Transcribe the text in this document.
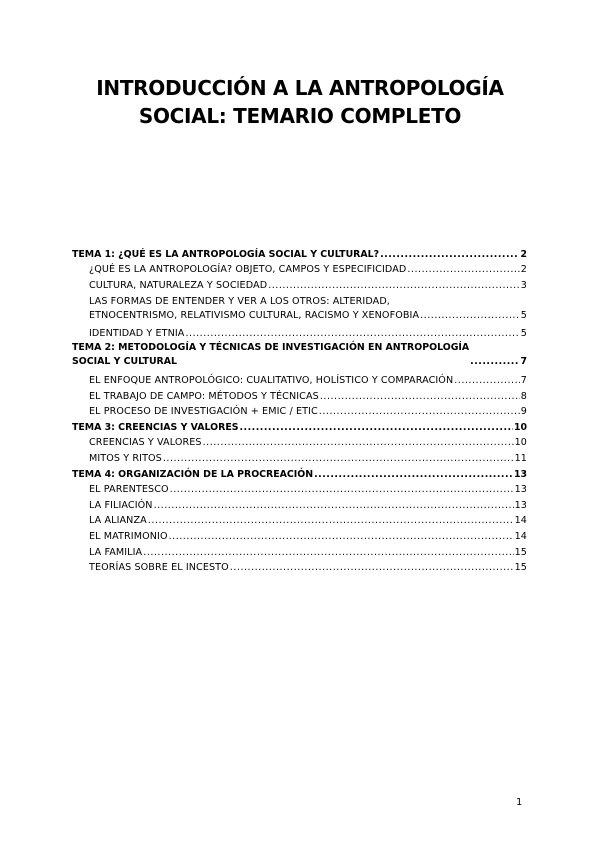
INTRODUCCIÓN A LA ANTROPOLOGÍA
SOCIAL: TEMARIO COMPLETO
TEMA 1: ¿QUÉ ES LA ANTROPOLOGÍA SOCIAL Y CULTURAL? .....	2
¿QUÉ ES LA ANTROPOLOGÍA? OBJETO, CAMPOS Y ESPECIFICIDAD .....	2
CULTURA, NATURALEZA Y SOCIEDAD .....	3
LAS FORMAS DE ENTENDER Y VER A LOS OTROS: ALTERIDAD,
ETNOCENTRISMO, RELATIVISMO CULTURAL, RACISMO Y XENOFOBIA .....	5
IDENTIDAD Y ETNIA .....	5
TEMA 2: METODOLOGÍA Y TÉCNICAS DE INVESTIGACIÓN EN ANTROPOLOGÍA
SOCIAL Y CULTURAL .....	7
EL ENFOQUE ANTROPOLÓGICO: CUALITATIVO, HOLÍSTICO Y COMPARACIÓN .....	7
EL TRABAJO DE CAMPO: MÉTODOS Y TÉCNICAS .....	8
EL PROCESO DE INVESTIGACIÓN + EMIC / ETIC .....	9
TEMA 3: CREENCIAS Y VALORES .....	10
CREENCIAS Y VALORES .....	10
MITOS Y RITOS .....	11
TEMA 4: ORGANIZACIÓN DE LA PROCREACIÓN .....	13
EL PARENTESCO .....	13
LA FILIACIÓN .....	13
LA ALIANZA .....	14
EL MATRIMONIO .....	14
LA FAMILIA .....	15
TEORÍAS SOBRE EL INCESTO .....	15
1
